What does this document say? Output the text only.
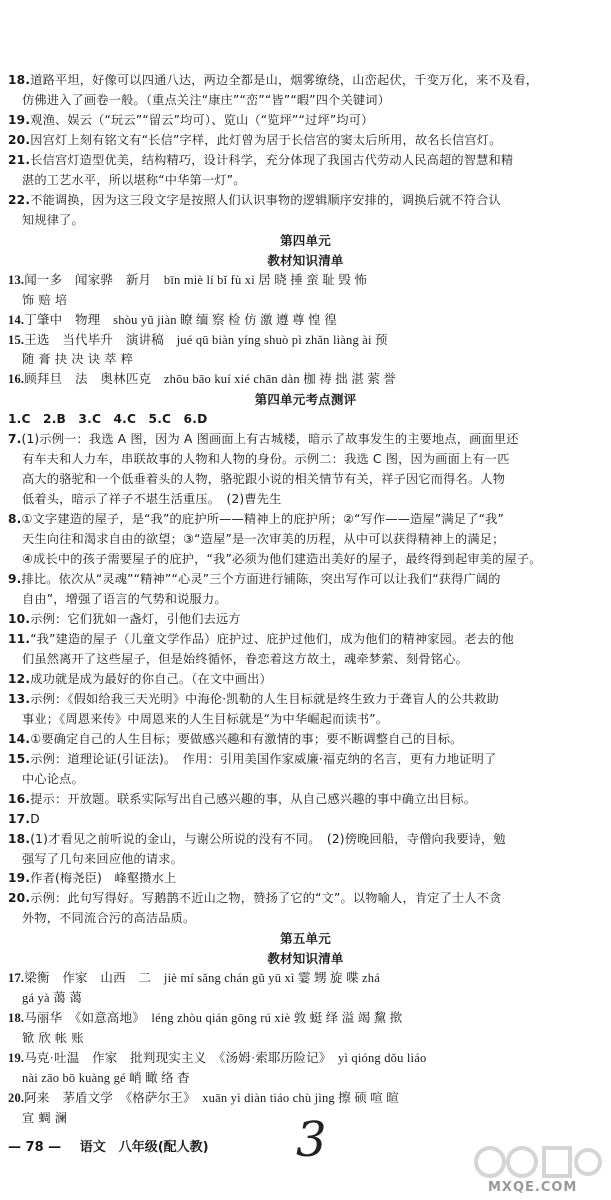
18.道路平坦，好像可以四通八达，两边全都是山，烟雾缭绕，山峦起伏，千变万化，来不及看，
仿佛进入了画卷一般。（重点关注“康庄”“峦”“皆”“暇”四个关键词）
19.观渔、娱云（“玩云”“留云”均可）、览山（“览坪”“过坪”均可）
20.因宫灯上刻有铭文有“长信”字样，此灯曾为居于长信宫的窦太后所用，故名长信宫灯。
21.长信宫灯造型优美，结构精巧，设计科学，充分体现了我国古代劳动人民高超的智慧和精
湛的工艺水平，所以堪称“中华第一灯”。
22.不能调换，因为这三段文字是按照人们认识事物的逻辑顺序安排的，调换后就不符合认
知规律了。
第四单元
教材知识清单
13.闻一多　闻家骅　新月　bīn miè lí bǐ fù xì 居 晓 捶 蛮 耻 毁 怖
饰 赔 培
14.丁肇中　物理　shòu yǔ jiàn 瞭 缅 察 检 仿 激 遵 尊 惶 徨
15.王选　当代毕升　演讲稿　jué qū biàn yíng shuò pì zhǎn liàng ài 预
随 膏 抉 决 诀 萃 粹
16.顾拜旦　法　奥林匹克　zhōu bāo kuí xié chān dàn 枷 祷 拙 湛 萦 誉
第四单元考点测评
1.C　2.B　3.C　4.C　5.C　6.D
7.(1)示例一：我选 A 图，因为 A 图画面上有古城楼，暗示了故事发生的主要地点，画面里还
有车夫和人力车，串联故事的人物和人物的身份。示例二：我选 C 图，因为画面上有一匹
高大的骆驼和一个低垂着头的人物，骆驼跟小说的相关情节有关，祥子因它而得名。人物
低着头，暗示了祥子不堪生活重压。　(2)曹先生
8.①文字建造的屋子，是“我”的庇护所——精神上的庇护所；②“写作——造屋”满足了“我”
天生向往和渴求自由的欲望；③“造屋”是一次审美的历程，从中可以获得精神上的满足；
④成长中的孩子需要屋子的庇护，“我”必须为他们建造出美好的屋子，最终得到起审美的屋子。
9.排比。依次从“灵魂”“精神”“心灵”三个方面进行铺陈，突出写作可以让我们“获得广阔的
自由”，增强了语言的气势和说服力。
10.示例：它们犹如一盏灯，引他们去远方
11.“我”建造的屋子（儿童文学作品）庇护过、庇护过他们，成为他们的精神家园。老去的他
们虽然离开了这些屋子，但是始终循怀，眷恋着这方故土，魂牵梦萦、刻骨铭心。
12.成功就是成为最好的你自己。（在文中画出）
13.示例：《假如给我三天光明》中海伦·凯勒的人生目标就是终生致力于聋盲人的公共救助
事业；《周恩来传》中周恩来的人生目标就是“为中华崛起而读书”。
14.①要确定自己的人生目标；要做感兴趣和有激情的事；要不断调整自己的目标。
15.示例：道理论证(引证法)。　作用：引用美国作家威廉·福克纳的名言，更有力地证明了
中心论点。
16.提示：开放题。联系实际写出自己感兴趣的事，从自己感兴趣的事中确立出目标。
17.D
18.(1)才看见之前听说的金山，与谢公所说的没有不同。　(2)傍晚回船，寺僧向我要诗，勉
强写了几句来回应他的请求。
19.作者(梅尧臣)　峰壑攒水上
20.示例：此句写得好。写鹅鹊不近山之物，赞扬了它的“文”。以物喻人，肯定了士人不贪
外物，不同流合污的高洁品质。
第五单元
教材知识清单
17.梁衡　作家　山西　二　jiè mí sǎng chán gǔ yū xì 霎 甥 旋 喋 zhá
gá yà 蔼 蔼
18.马丽华　《如意高地》　léng zhòu qián gōng rú xiè 敦 蜓 绎 溢 竭 黧 揿
锨 欣 帐 账
19.马克·吐温　作家　批判现实主义　《汤姆·索耶历险记》　yì qióng dǒu liáo
nài zāo bō kuàng gé 峭 瞰 络 杳
20.阿来　茅盾文学　《格萨尔王》　xuān yì diàn tiáo chù jìng 擦 硕 喧 暄
宣 蜩 澜
— 78 — 语文　八年级(配人教) 3
MXQE.COM
